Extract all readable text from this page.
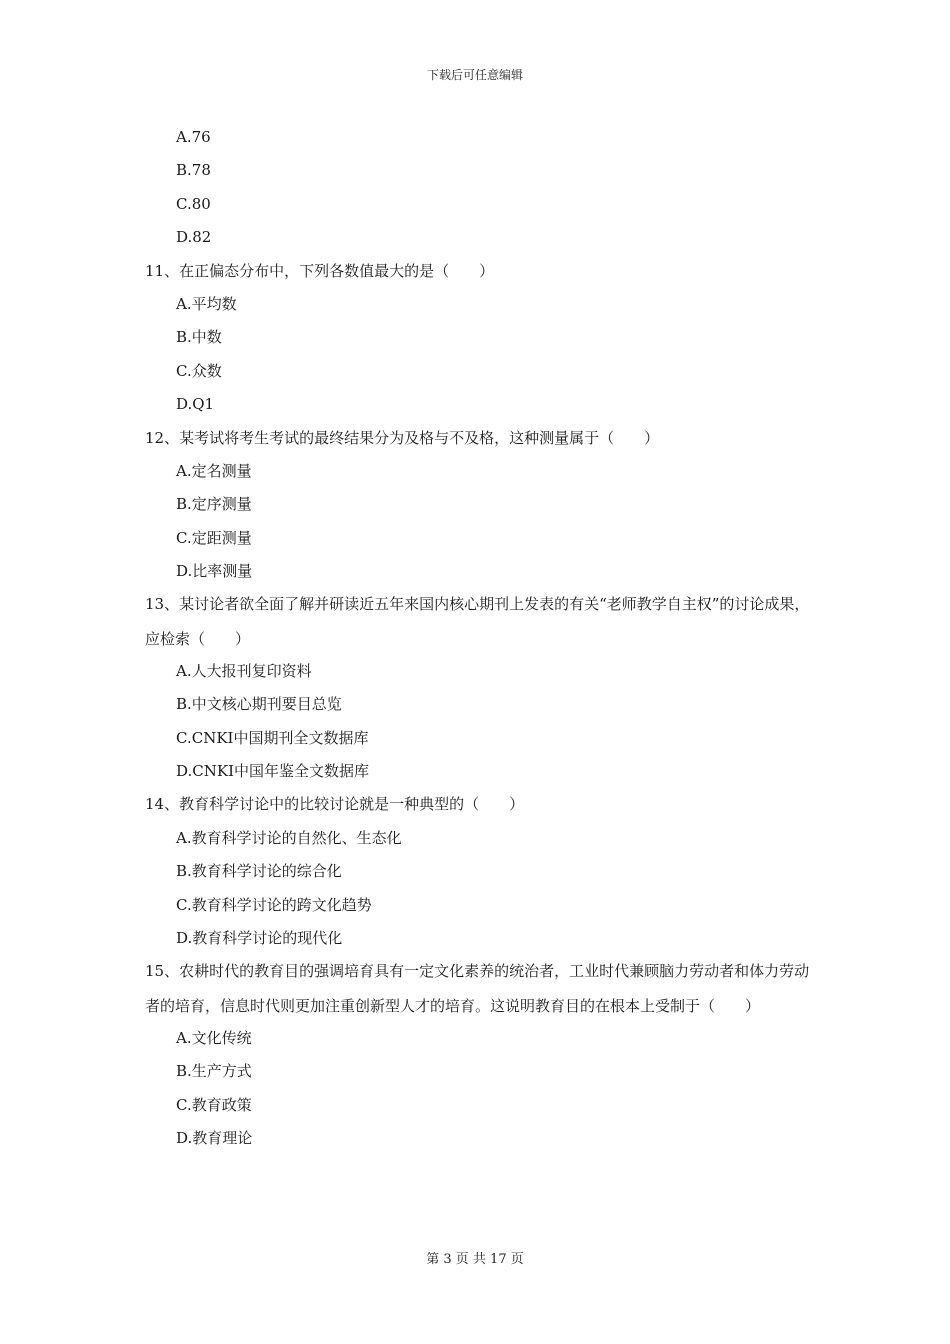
下载后可任意编辑
A.76
B.78
C.80
D.82
11、在正偏态分布中，下列各数值最大的是（　　）
A.平均数
B.中数
C.众数
D.Q1
12、某考试将考生考试的最终结果分为及格与不及格，这种测量属于（　　）
A.定名测量
B.定序测量
C.定距测量
D.比率测量
13、某讨论者欲全面了解并研读近五年来国内核心期刊上发表的有关“老师教学自主权”的讨论成果，应检索（　　）
A.人大报刊复印资料
B.中文核心期刊要目总览
C.CNKI中国期刊全文数据库
D.CNKI中国年鉴全文数据库
14、教育科学讨论中的比较讨论就是一种典型的（　　）
A.教育科学讨论的自然化、生态化
B.教育科学讨论的综合化
C.教育科学讨论的跨文化趋势
D.教育科学讨论的现代化
15、农耕时代的教育目的强调培育具有一定文化素养的统治者，工业时代兼顾脑力劳动者和体力劳动者的培育，信息时代则更加注重创新型人才的培育。这说明教育目的在根本上受制于（　　）
A.文化传统
B.生产方式
C.教育政策
D.教育理论
第 3 页 共 17 页
